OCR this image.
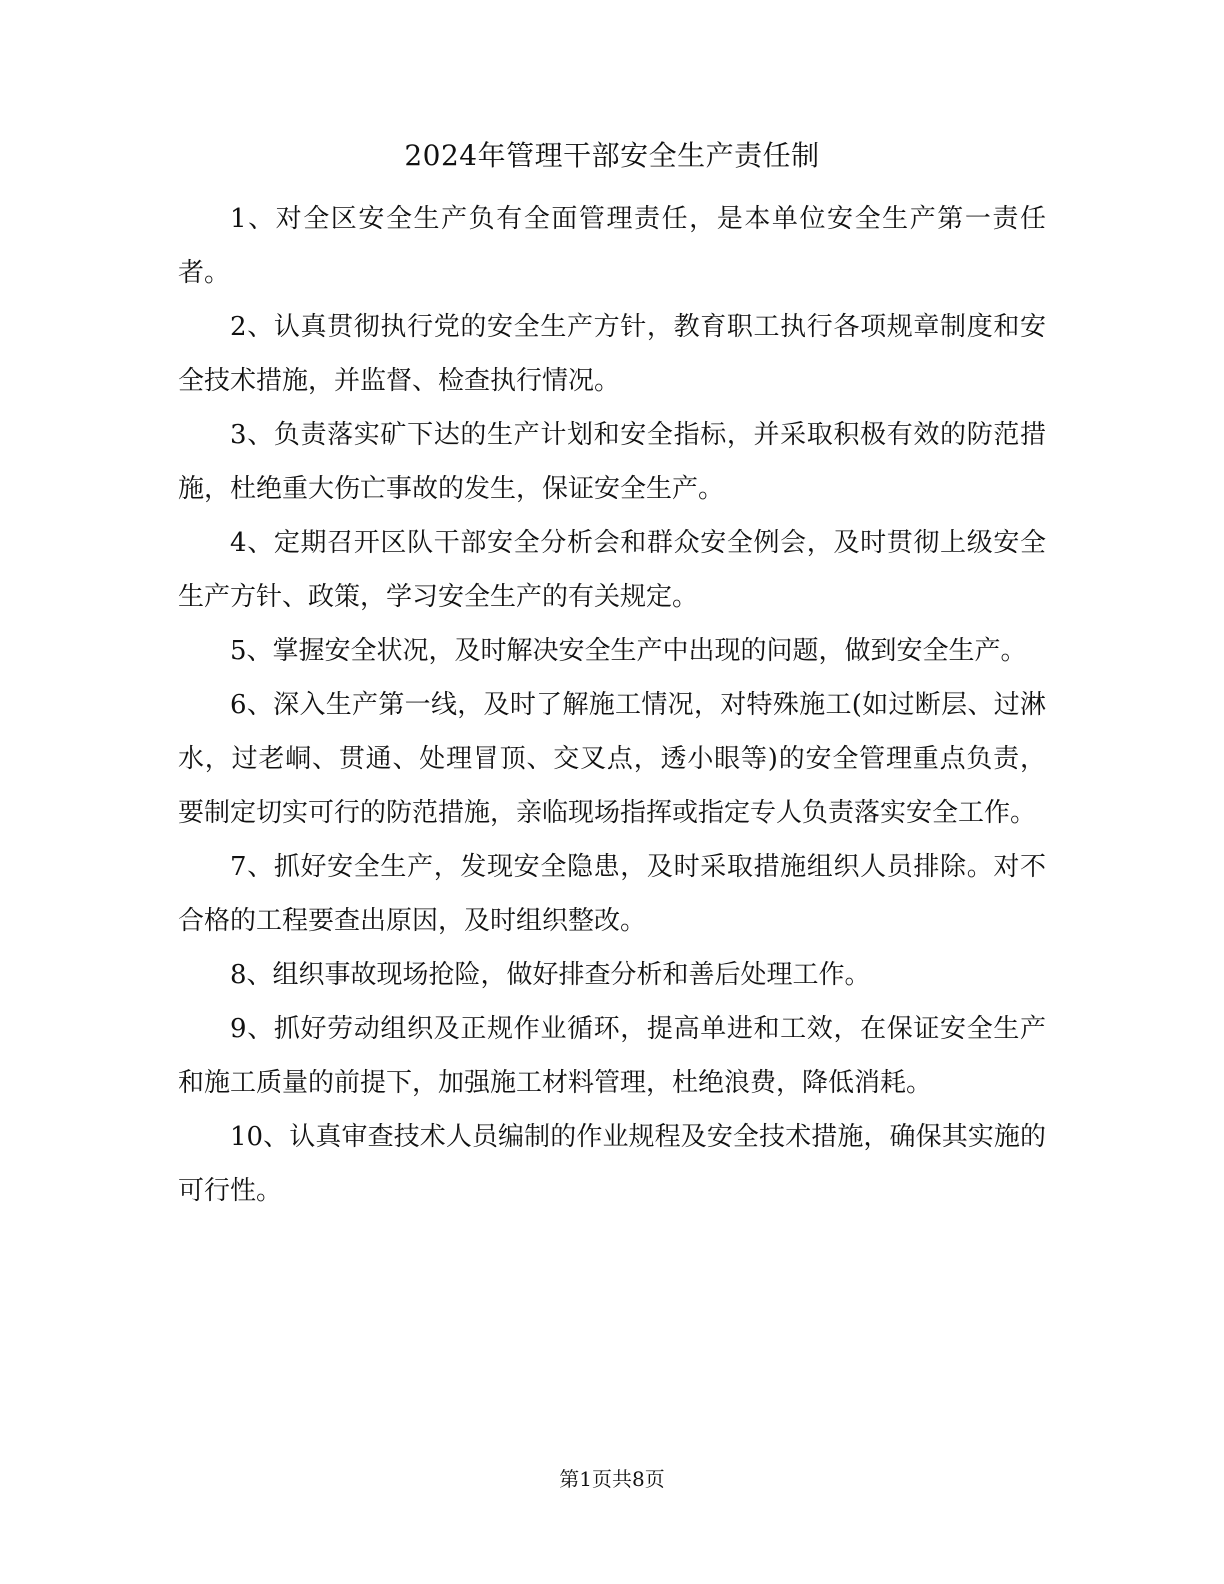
2024年管理干部安全生产责任制

1、对全区安全生产负有全面管理责任，是本单位安全生产第一责任者。

2、认真贯彻执行党的安全生产方针，教育职工执行各项规章制度和安全技术措施，并监督、检查执行情况。

3、负责落实矿下达的生产计划和安全指标，并采取积极有效的防范措施，杜绝重大伤亡事故的发生，保证安全生产。

4、定期召开区队干部安全分析会和群众安全例会，及时贯彻上级安全生产方针、政策，学习安全生产的有关规定。

5、掌握安全状况，及时解决安全生产中出现的问题，做到安全生产。

6、深入生产第一线，及时了解施工情况，对特殊施工(如过断层、过淋水，过老峒、贯通、处理冒顶、交叉点，透小眼等)的安全管理重点负责，要制定切实可行的防范措施，亲临现场指挥或指定专人负责落实安全工作。

7、抓好安全生产，发现安全隐患，及时采取措施组织人员排除。对不合格的工程要查出原因，及时组织整改。

8、组织事故现场抢险，做好排查分析和善后处理工作。

9、抓好劳动组织及正规作业循环，提高单进和工效，在保证安全生产和施工质量的前提下，加强施工材料管理，杜绝浪费，降低消耗。

10、认真审查技术人员编制的作业规程及安全技术措施，确保其实施的可行性。

第1页共8页
